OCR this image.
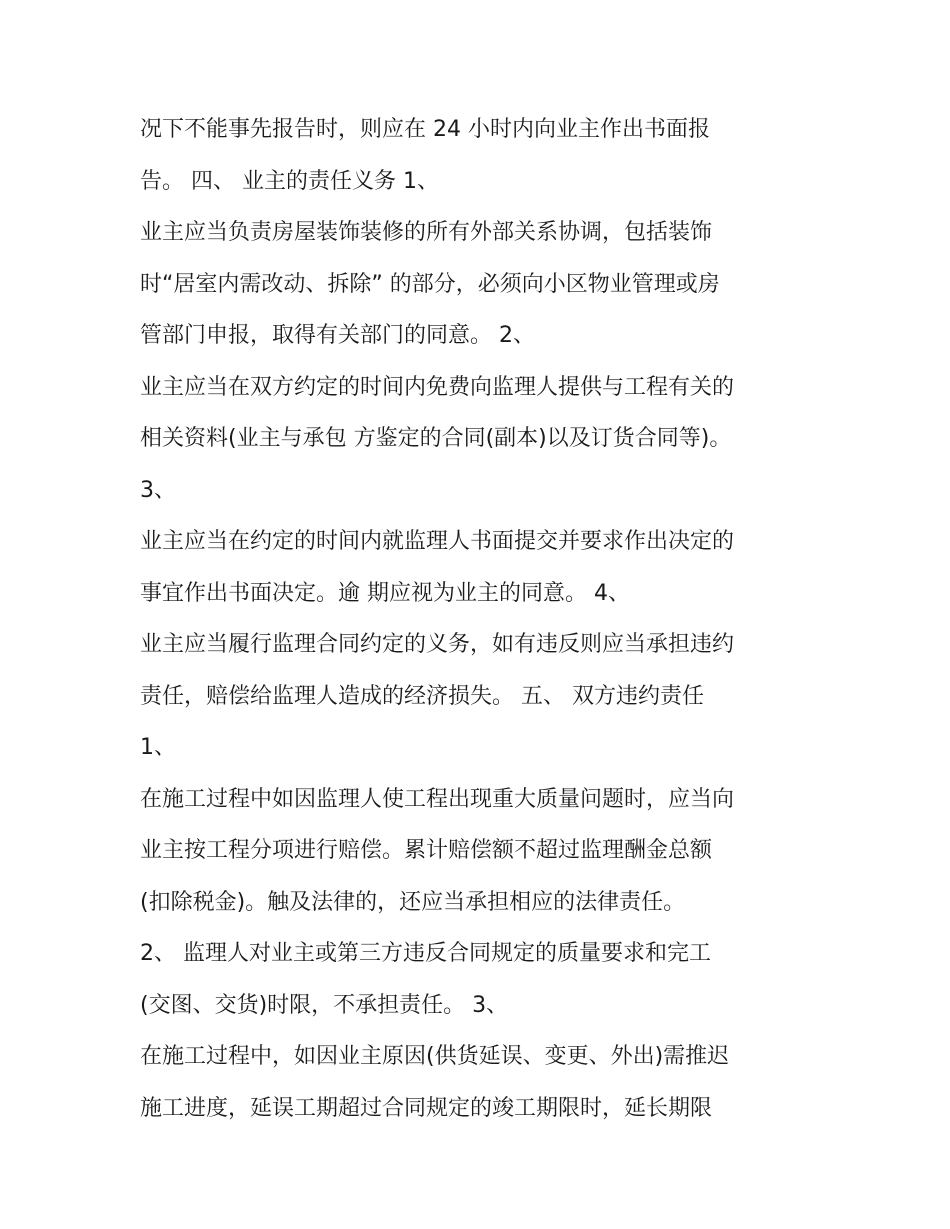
况下不能事先报告时，则应在 24 小时内向业主作出书面报
告。 四、 业主的责任义务 1、
业主应当负责房屋装饰装修的所有外部关系协调，包括装饰
时“居室内需改动、拆除” 的部分，必须向小区物业管理或房
管部门申报，取得有关部门的同意。 2、
业主应当在双方约定的时间内免费向监理人提供与工程有关的
相关资料(业主与承包 方鉴定的合同(副本)以及订货合同等)。
3、
业主应当在约定的时间内就监理人书面提交并要求作出决定的
事宜作出书面决定。逾 期应视为业主的同意。 4、
业主应当履行监理合同约定的义务，如有违反则应当承担违约
责任，赔偿给监理人造成的经济损失。 五、 双方违约责任
1、
在施工过程中如因监理人使工程出现重大质量问题时，应当向
业主按工程分项进行赔偿。累计赔偿额不超过监理酬金总额
(扣除税金)。触及法律的，还应当承担相应的法律责任。
2、 监理人对业主或第三方违反合同规定的质量要求和完工
(交图、交货)时限，不承担责任。 3、
在施工过程中，如因业主原因(供货延误、变更、外出)需推迟
施工进度，延误工期超过合同规定的竣工期限时，延长期限
